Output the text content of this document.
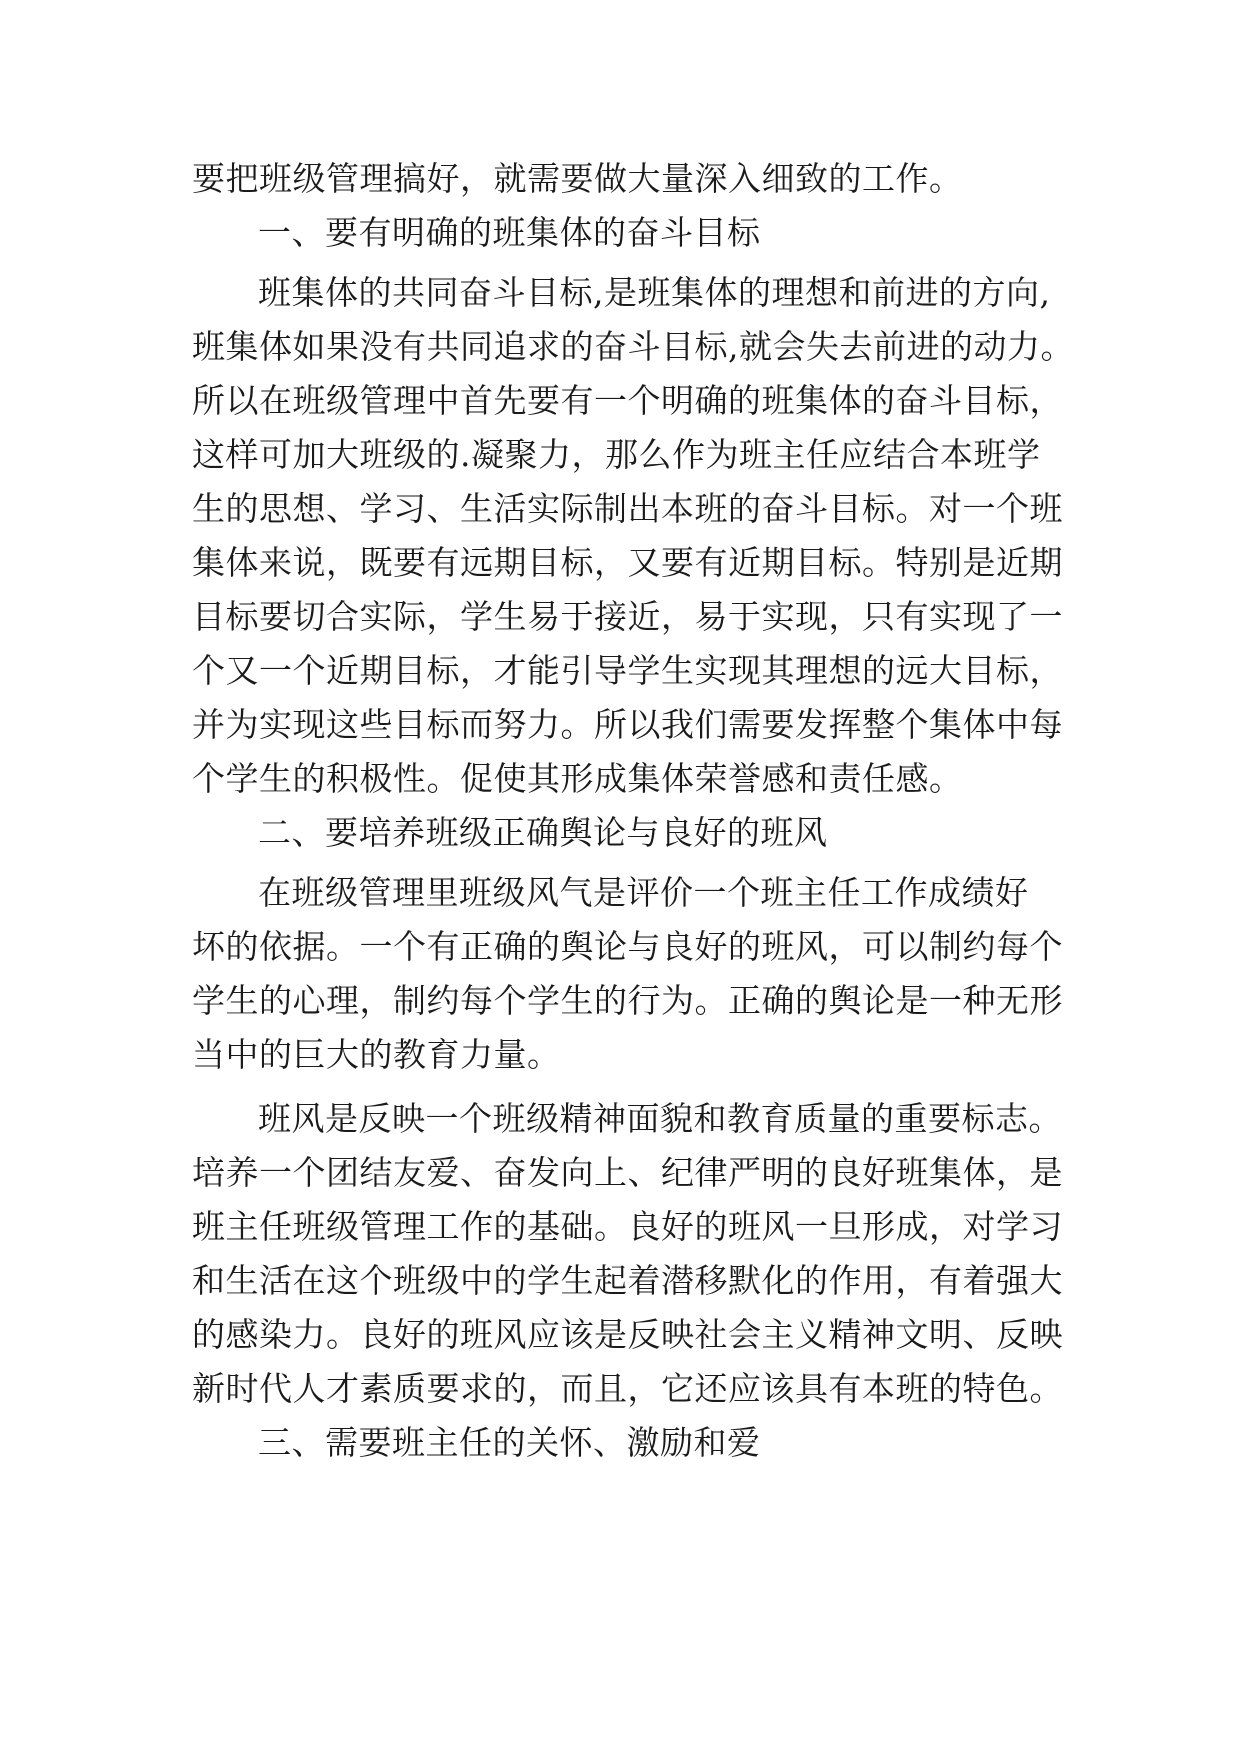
要把班级管理搞好，就需要做大量深入细致的工作。
一、要有明确的班集体的奋斗目标
班集体的共同奋斗目标,是班集体的理想和前进的方向,
班集体如果没有共同追求的奋斗目标,就会失去前进的动力。
所以在班级管理中首先要有一个明确的班集体的奋斗目标，
这样可加大班级的.凝聚力，那么作为班主任应结合本班学
生的思想、学习、生活实际制出本班的奋斗目标。对一个班
集体来说，既要有远期目标，又要有近期目标。特别是近期
目标要切合实际，学生易于接近，易于实现，只有实现了一
个又一个近期目标，才能引导学生实现其理想的远大目标，
并为实现这些目标而努力。所以我们需要发挥整个集体中每
个学生的积极性。促使其形成集体荣誉感和责任感。
二、要培养班级正确舆论与良好的班风
在班级管理里班级风气是评价一个班主任工作成绩好
坏的依据。一个有正确的舆论与良好的班风，可以制约每个
学生的心理，制约每个学生的行为。正确的舆论是一种无形
当中的巨大的教育力量。
班风是反映一个班级精神面貌和教育质量的重要标志。
培养一个团结友爱、奋发向上、纪律严明的良好班集体，是
班主任班级管理工作的基础。良好的班风一旦形成，对学习
和生活在这个班级中的学生起着潜移默化的作用，有着强大
的感染力。良好的班风应该是反映社会主义精神文明、反映
新时代人才素质要求的，而且，它还应该具有本班的特色。
三、需要班主任的关怀、激励和爱
